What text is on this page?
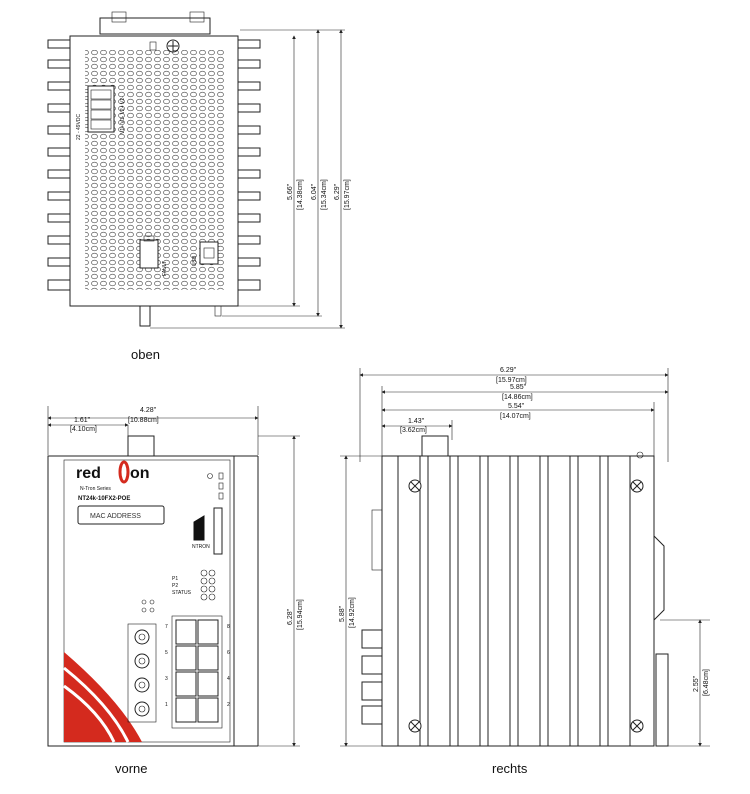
22 - 49VDC	V1+ V1- V2+ V2-
FAULT	USB
5.66" [14.38cm] 6.04" [15.34cm] 6.29" [15.97cm]
oben
4.28"
[10.88cm]
1.61"
[4.10cm]
red on
N-Tron Series
NT24k-10FX2-POE
MAC ADDRESS
NTRON
P1
P2
STATUS
7
5
3
1
8
6
4
2
6.28" [15.94cm]
vorne
6.29"
[15.97cm]
5.85"
[14.86cm]
5.54"
[14.07cm]
1.43"
[3.62cm]
5.88" [14.92cm]
2.55" [6.48cm]
rechts
